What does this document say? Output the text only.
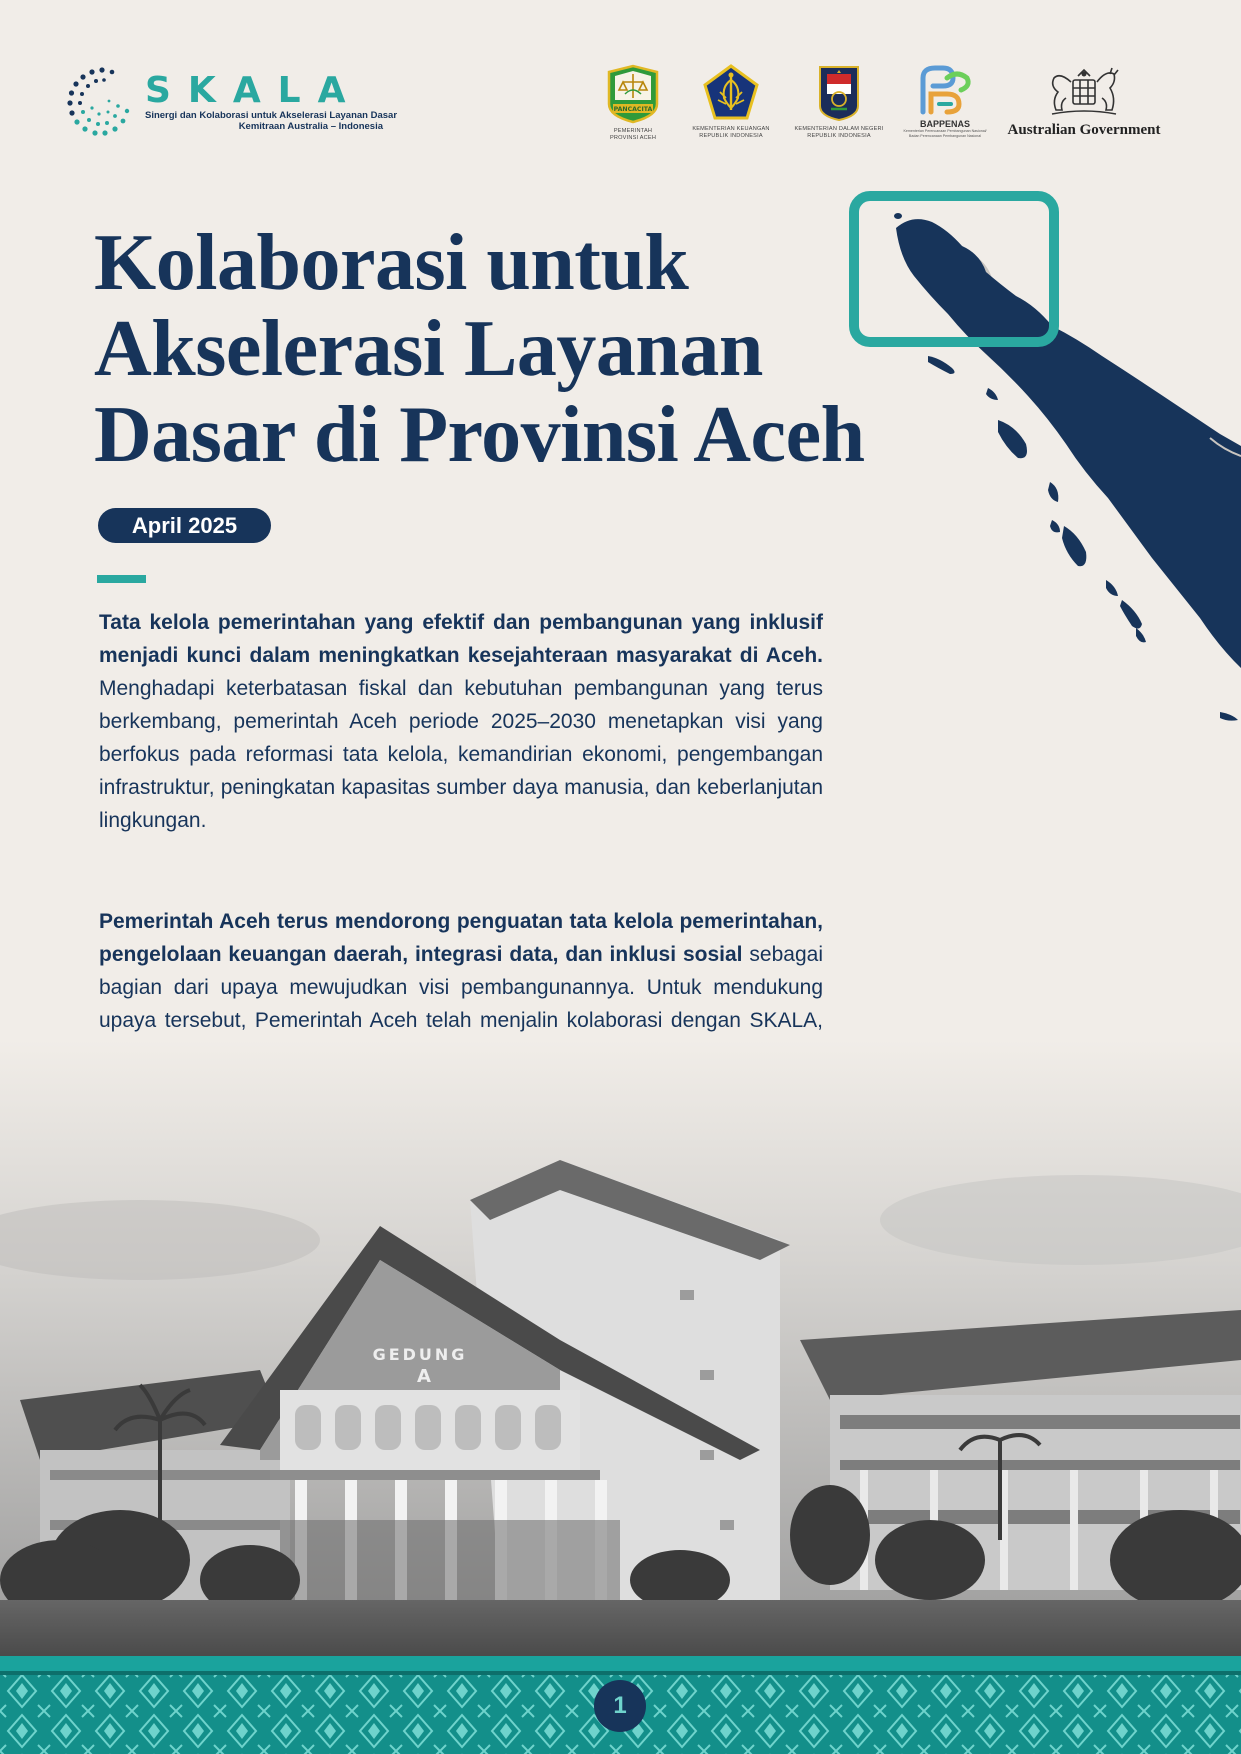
SKALA
Sinergi dan Kolaborasi untuk Akselerasi Layanan Dasar
Kemitraan Australia – Indonesia
PANCACITA
PEMERINTAH
PROVINSI ACEH
KEMENTERIAN KEUANGAN
REPUBLIK INDONESIA
KEMENTERIAN DALAM NEGERI
REPUBLIK INDONESIA
BAPPENAS
Kementerian Perencanaan Pembangunan Nasional/
Badan Perencanaan Pembangunan Nasional	Australian Government
Kolaborasi untuk
Akselerasi Layanan
Dasar di Provinsi Aceh
April 2025

Tata kelola pemerintahan yang efektif dan pembangunan yang inklusif menjadi kunci dalam meningkatkan kesejahteraan masyarakat di Aceh. Menghadapi keterbatasan fiskal dan kebutuhan pembangunan yang terus berkembang, pemerintah Aceh periode 2025–2030 menetapkan visi yang berfokus pada reformasi tata kelola, kemandirian ekonomi, pengembangan infrastruktur, peningkatan kapasitas sumber daya manusia, dan keberlanjutan lingkungan.

Pemerintah Aceh terus mendorong penguatan tata kelola pemerintahan, pengelolaan keuangan daerah, integrasi data, dan inklusi sosial sebagai bagian dari upaya mewujudkan visi pembangunannya. Untuk mendukung upaya tersebut, Pemerintah Aceh telah menjalin kolaborasi dengan SKALA,

GEDUNG
A
1
